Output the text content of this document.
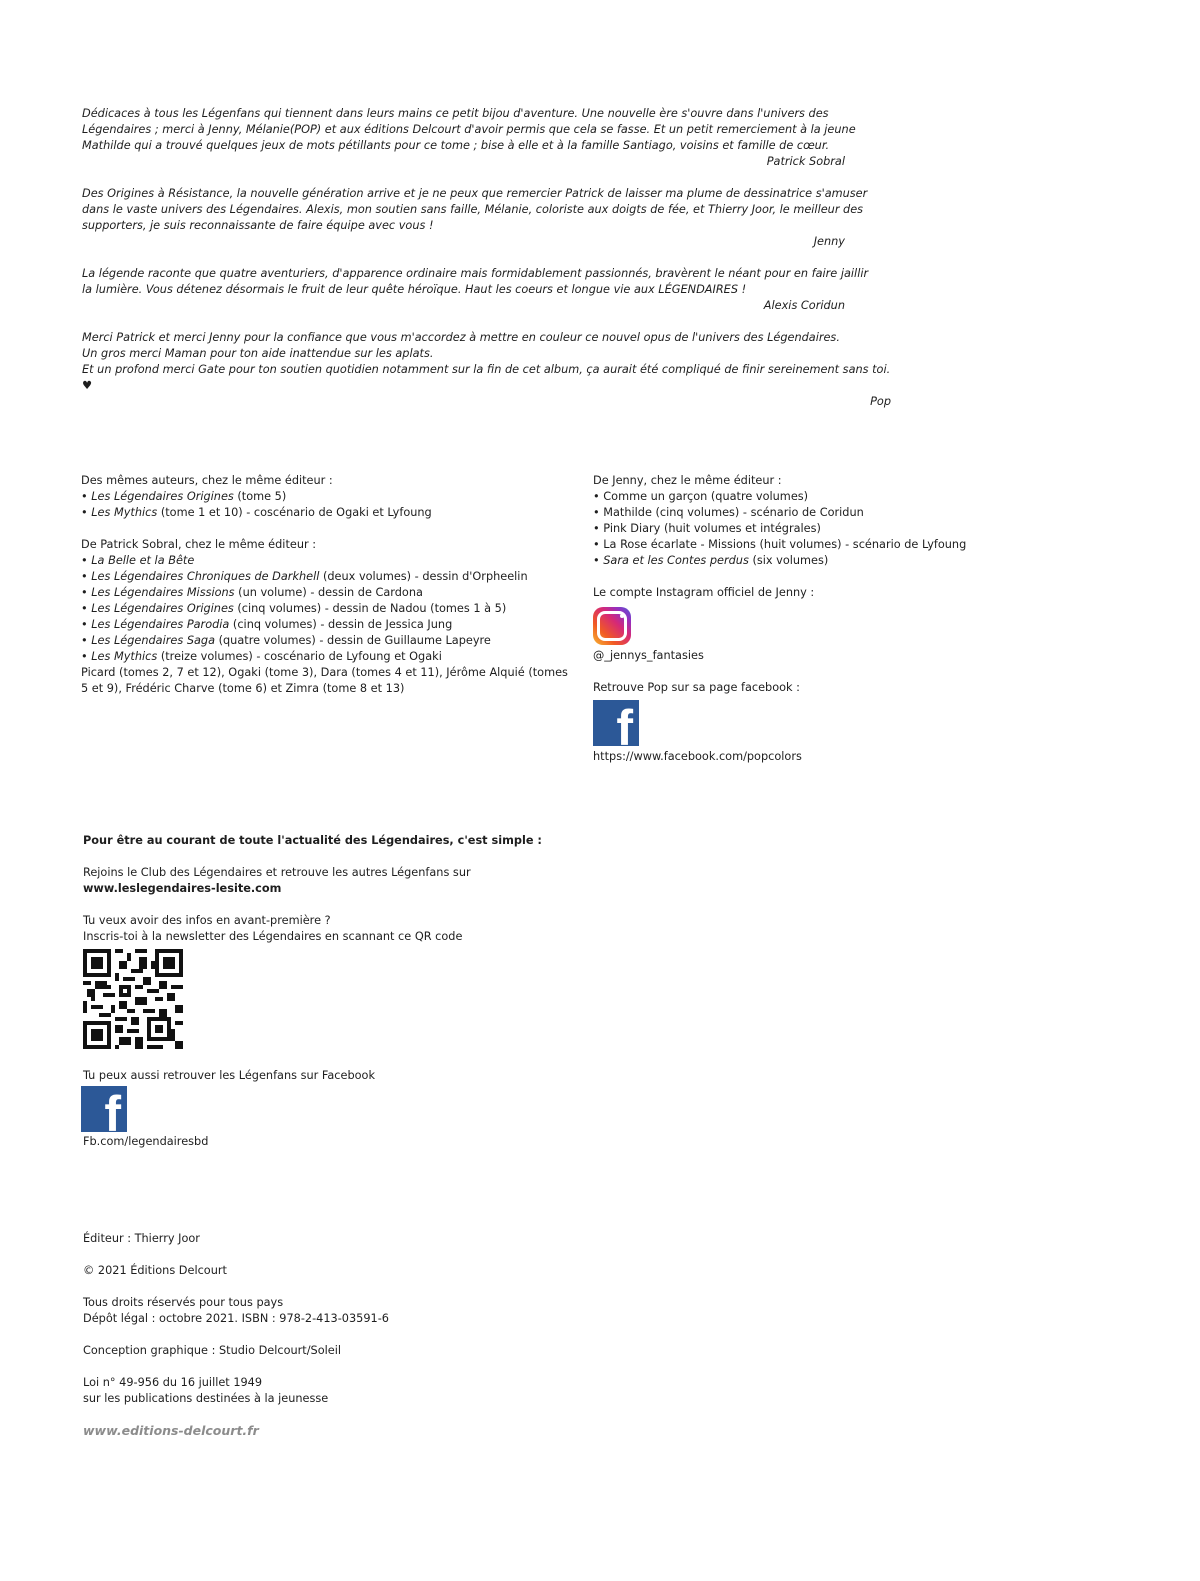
Dédicaces à tous les Légenfans qui tiennent dans leurs mains ce petit bijou d'aventure. Une nouvelle ère s'ouvre dans l'univers des

Légendaires ; merci à Jenny, Mélanie(POP) et aux éditions Delcourt d'avoir permis que cela se fasse. Et un petit remerciement à la jeune

Mathilde qui a trouvé quelques jeux de mots pétillants pour ce tome ; bise à elle et à la famille Santiago, voisins et famille de cœur.

Patrick Sobral

Des Origines à Résistance, la nouvelle génération arrive et je ne peux que remercier Patrick de laisser ma plume de dessinatrice s'amuser

dans le vaste univers des Légendaires. Alexis, mon soutien sans faille, Mélanie, coloriste aux doigts de fée, et Thierry Joor, le meilleur des

supporters, je suis reconnaissante de faire équipe avec vous !

Jenny

La légende raconte que quatre aventuriers, d'apparence ordinaire mais formidablement passionnés, bravèrent le néant pour en faire jaillir

la lumière. Vous détenez désormais le fruit de leur quête héroïque. Haut les coeurs et longue vie aux LÉGENDAIRES !

Alexis Coridun

Merci Patrick et merci Jenny pour la confiance que vous m'accordez à mettre en couleur ce nouvel opus de l'univers des Légendaires.

Un gros merci Maman pour ton aide inattendue sur les aplats.

Et un profond merci Gate pour ton soutien quotidien notamment sur la fin de cet album, ça aurait été compliqué de finir sereinement sans toi. ♥

Pop

Des mêmes auteurs, chez le même éditeur :

• Les Légendaires Origines (tome 5)

• Les Mythics (tome 1 et 10) - coscénario de Ogaki et Lyfoung

De Patrick Sobral, chez le même éditeur :

• La Belle et la Bête

• Les Légendaires Chroniques de Darkhell (deux volumes) - dessin d'Orpheelin

• Les Légendaires Missions (un volume) - dessin de Cardona

• Les Légendaires Origines (cinq volumes) - dessin de Nadou (tomes 1 à 5)

• Les Légendaires Parodia (cinq volumes) - dessin de Jessica Jung

• Les Légendaires Saga (quatre volumes) - dessin de Guillaume Lapeyre

• Les Mythics (treize volumes) - coscénario de Lyfoung et Ogaki

Picard (tomes 2, 7 et 12), Ogaki (tome 3), Dara (tomes 4 et 11), Jérôme Alquié (tomes

5 et 9), Frédéric Charve (tome 6) et Zimra (tome 8 et 13)

De Jenny, chez le même éditeur :

• Comme un garçon (quatre volumes)

• Mathilde (cinq volumes) - scénario de Coridun

• Pink Diary (huit volumes et intégrales)

• La Rose écarlate - Missions (huit volumes) - scénario de Lyfoung

• Sara et les Contes perdus (six volumes)

Le compte Instagram officiel de Jenny :

@_jennys_fantasies

Retrouve Pop sur sa page facebook :

f

https://www.facebook.com/popcolors

Pour être au courant de toute l'actualité des Légendaires, c'est simple :

Rejoins le Club des Légendaires et retrouve les autres Légenfans sur

www.leslegendaires-lesite.com

Tu veux avoir des infos en avant-première ?

Inscris-toi à la newsletter des Légendaires en scannant ce QR code

Tu peux aussi retrouver les Légenfans sur Facebook

f

Fb.com/legendairesbd

Éditeur : Thierry Joor

© 2021 Éditions Delcourt

Tous droits réservés pour tous pays

Dépôt légal : octobre 2021. ISBN : 978-2-413-03591-6

Conception graphique : Studio Delcourt/Soleil

Loi n° 49-956 du 16 juillet 1949

sur les publications destinées à la jeunesse

www.editions-delcourt.fr
